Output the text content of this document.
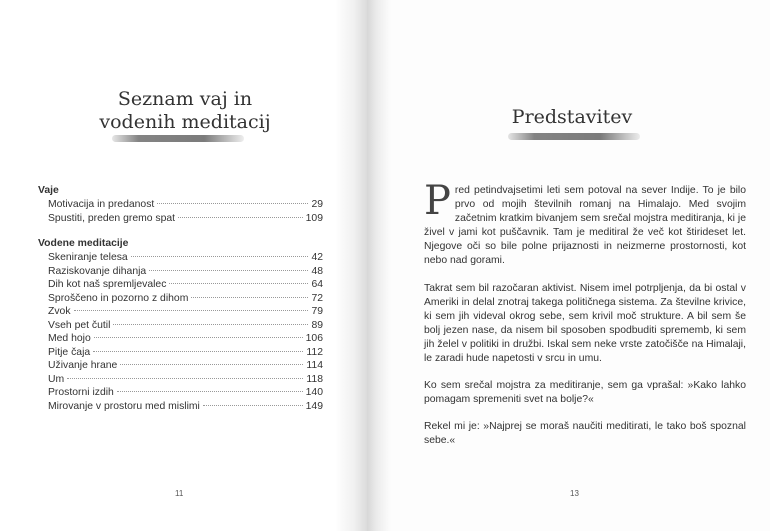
Seznam vaj in
vodenih meditacij
Vaje
Motivacija in predanost	29
Spustiti, preden gremo spat	109
Vodene meditacije
Skeniranje telesa	42
Raziskovanje dihanja	48
Dih kot naš spremljevalec	64
Sproščeno in pozorno z dihom	72
Zvok	79
Vseh pet čutil	89
Med hojo	106
Pitje čaja	112
Uživanje hrane	114
Um	118
Prostorni izdih	140
Mirovanje v prostoru med mislimi	149
11
Predstavitev

Pred petindvajsetimi leti sem potoval na sever Indije. To je bilo prvo od mojih številnih romanj na Himalajo. Med svojim začetnim kratkim bivanjem sem srečal mojstra meditiranja, ki je živel v jami kot puščavnik. Tam je meditiral že več kot štirideset let. Njegove oči so bile polne prijaznosti in neizmerne prostornosti, kot nebo nad gorami.

Takrat sem bil razočaran aktivist. Nisem imel potrpljenja, da bi ostal v Ameriki in delal znotraj takega političnega sistema. Za številne krivice, ki sem jih videval okrog sebe, sem krivil moč strukture. A bil sem še bolj jezen nase, da nisem bil sposoben spodbuditi sprememb, ki sem jih želel v politiki in družbi. Iskal sem neke vrste zatočišče na Himalaji, le zaradi hude napetosti v srcu in umu.

Ko sem srečal mojstra za meditiranje, sem ga vprašal: »Kako lahko pomagam spremeniti svet na bolje?«

Rekel mi je: »Najprej se moraš naučiti meditirati, le tako boš spoznal sebe.«

13
